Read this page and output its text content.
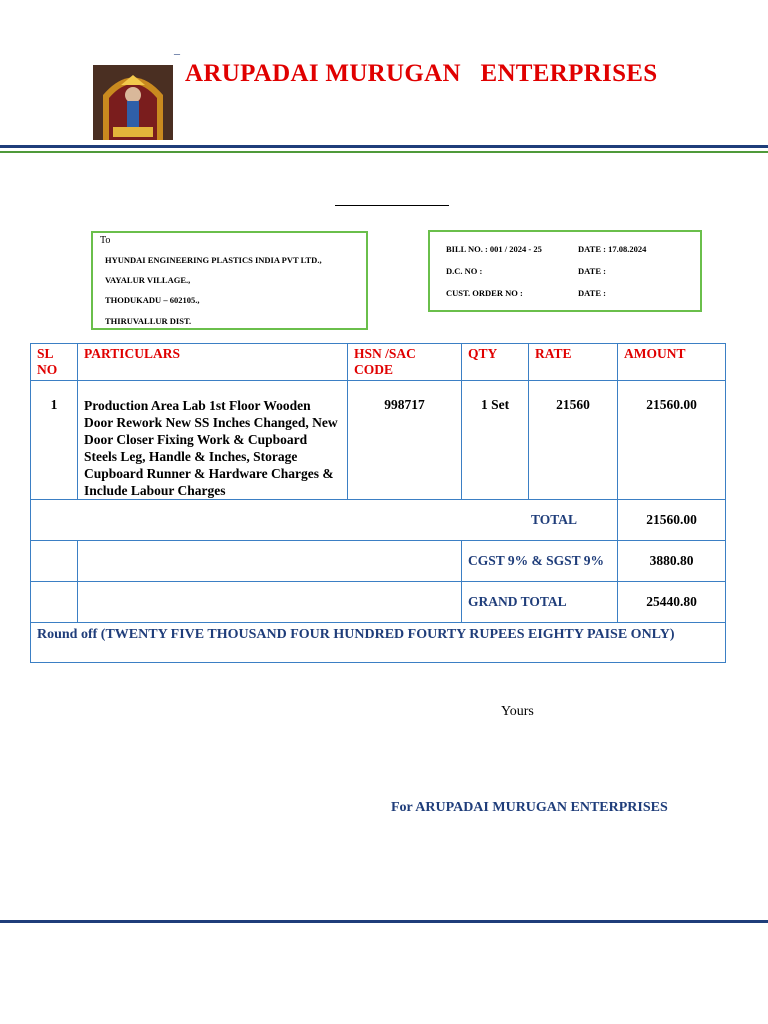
_
ARUPADAI MURUGAN   ENTERPRISES
To
HYUNDAI ENGINEERING PLASTICS INDIA PVT LTD.,
VAYALUR VILLAGE.,
THODUKADU – 602105.,
THIRUVALLUR DIST.
BILL NO. : 001 / 2024 - 25	DATE : 17.08.2024
D.C. NO :	DATE :
CUST. ORDER NO :	DATE :
SL NO	PARTICULARS	HSN /SAC CODE	QTY	RATE	AMOUNT
1	Production Area Lab 1st Floor Wooden Door Rework New SS Inches Changed, New Door Closer Fixing Work & Cupboard Steels Leg, Handle & Inches, Storage Cupboard Runner & Hardware Charges & Include Labour Charges	998717	1 Set	21560	21560.00
TOTAL					21560.00
			CGST 9% & SGST 9%		3880.80
			GRAND TOTAL		25440.80
Round off (TWENTY FIVE THOUSAND FOUR HUNDRED FOURTY RUPEES EIGHTY PAISE ONLY)					
Yours
For ARUPADAI MURUGAN ENTERPRISES
